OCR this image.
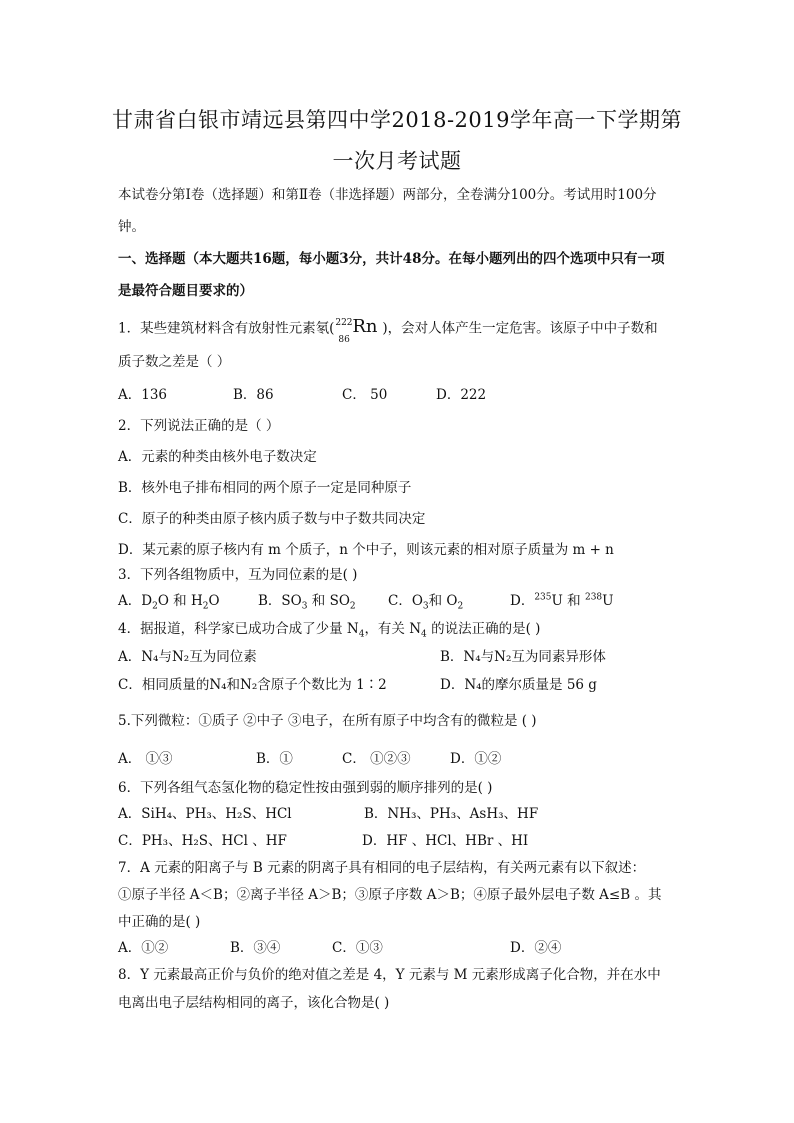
甘肃省白银市靖远县第四中学2018-2019学年高一下学期第
一次月考试题
本试卷分第Ⅰ卷（选择题）和第Ⅱ卷（非选择题）两部分，全卷满分100分。考试用时100分
钟。
一、选择题（本大题共16题，每小题3分，共计48分。在每小题列出的四个选项中只有一项
是最符合题目要求的）
1．某些建筑材料含有放射性元素氡( 222
86
Rn )，会对人体产生一定危害。该原子中中子数和
质子数之差是（ ）
A．136	B．86	C． 50	D．222
2．下列说法正确的是（ ）
A．元素的种类由核外电子数决定
B．核外电子排布相同的两个原子一定是同种原子
C．原子的种类由原子核内质子数与中子数共同决定
D．某元素的原子核内有 m 个质子，n 个中子，则该元素的相对原子质量为 m + n
3．下列各组物质中，互为同位素的是( )
A．$D_2O$ 和 $H_2O$	B．$SO_3$ 和 $SO_2$ C．$O_3$和 $O_2$	D．$^{235}$U 和 $^{238}$U
4．据报道，科学家已成功合成了少量 $N_4$，有关 $N_4$ 的说法正确的是( )
A．N₄与N₂互为同位素	B．N₄与N₂互为同素异形体
C．相同质量的N₄和N₂含原子个数比为 1∶2	D．N₄的摩尔质量是 56 g
5.下列微粒：①质子 ②中子 ③电子，在所有原子中均含有的微粒是 ( )
A． ①③	B．①	C． ①②③	D．①②
6．下列各组气态氢化物的稳定性按由强到弱的顺序排列的是( )
A．SiH₄、PH₃、H₂S、HCl	B．NH₃、PH₃、AsH₃、HF
C．PH₃、H₂S、HCl 、HF	D．HF 、HCl、HBr 、HI
7．A 元素的阳离子与 B 元素的阴离子具有相同的电子层结构，有关两元素有以下叙述：
①原子半径 A＜B；②离子半径 A＞B；③原子序数 A＞B；④原子最外层电子数 A≤B 。其
中正确的是( )
A．①②	B．③④	C．①③	D．②④
8．Y 元素最高正价与负价的绝对值之差是 4，Y 元素与 M 元素形成离子化合物，并在水中
电离出电子层结构相同的离子，该化合物是( )
